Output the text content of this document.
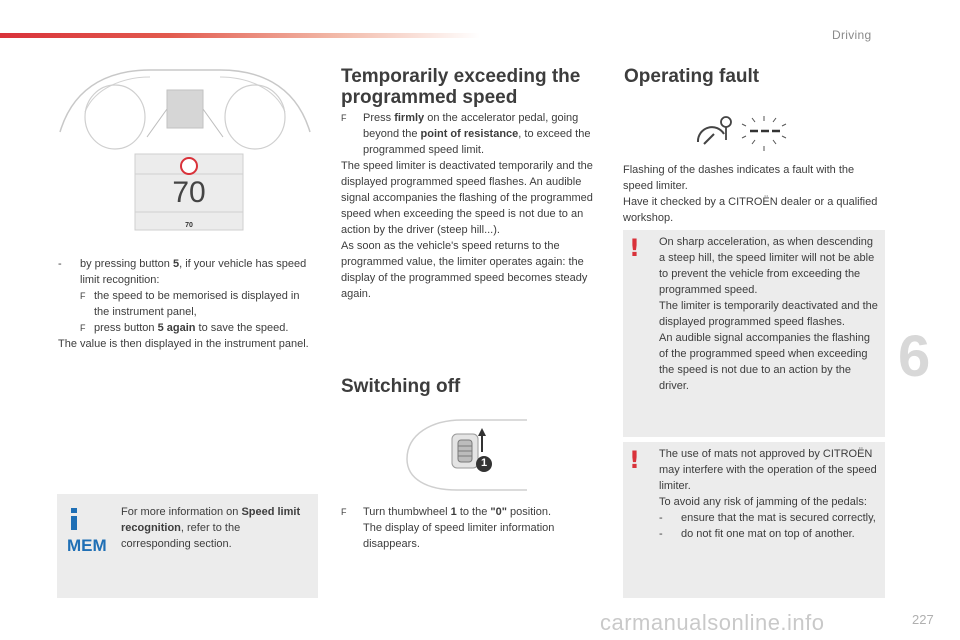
Driving
6
227
70
70
-	by pressing button 5, if your vehicle has speed limit recognition:
F the speed to be memorised is displayed in the instrument panel,
F press button 5 again to save the speed.

The value is then displayed in the instrument panel.

MEM
For more information on Speed limit recognition, refer to the corresponding section.
Temporarily exceeding the programmed speed
F	Press firmly on the accelerator pedal, going beyond the point of resistance, to exceed the programmed speed limit.

The speed limiter is deactivated temporarily and the displayed programmed speed flashes. An audible signal accompanies the flashing of the programmed speed when exceeding the speed is not due to an action by the driver (steep hill...).

As soon as the vehicle's speed returns to the programmed value, the limiter operates again: the display of the programmed speed becomes steady again.

Switching off
1
F	Turn thumbwheel 1 to the "0" position.
The display of speed limiter information disappears.
Operating fault

Flashing of the dashes indicates a fault with the speed limiter.

Have it checked by a CITROËN dealer or a qualified workshop.

! On sharp acceleration, as when descending a steep hill, the speed limiter will not be able to prevent the vehicle from exceeding the programmed speed.

The limiter is temporarily deactivated and the displayed programmed speed flashes.

An audible signal accompanies the flashing of the programmed speed when exceeding the speed is not due to an action by the driver.

! The use of mats not approved by CITROËN may interfere with the operation of the speed limiter.

To avoid any risk of jamming of the pedals:

-	ensure that the mat is secured correctly,
-	do not fit one mat on top of another.
carmanualsonline.info
